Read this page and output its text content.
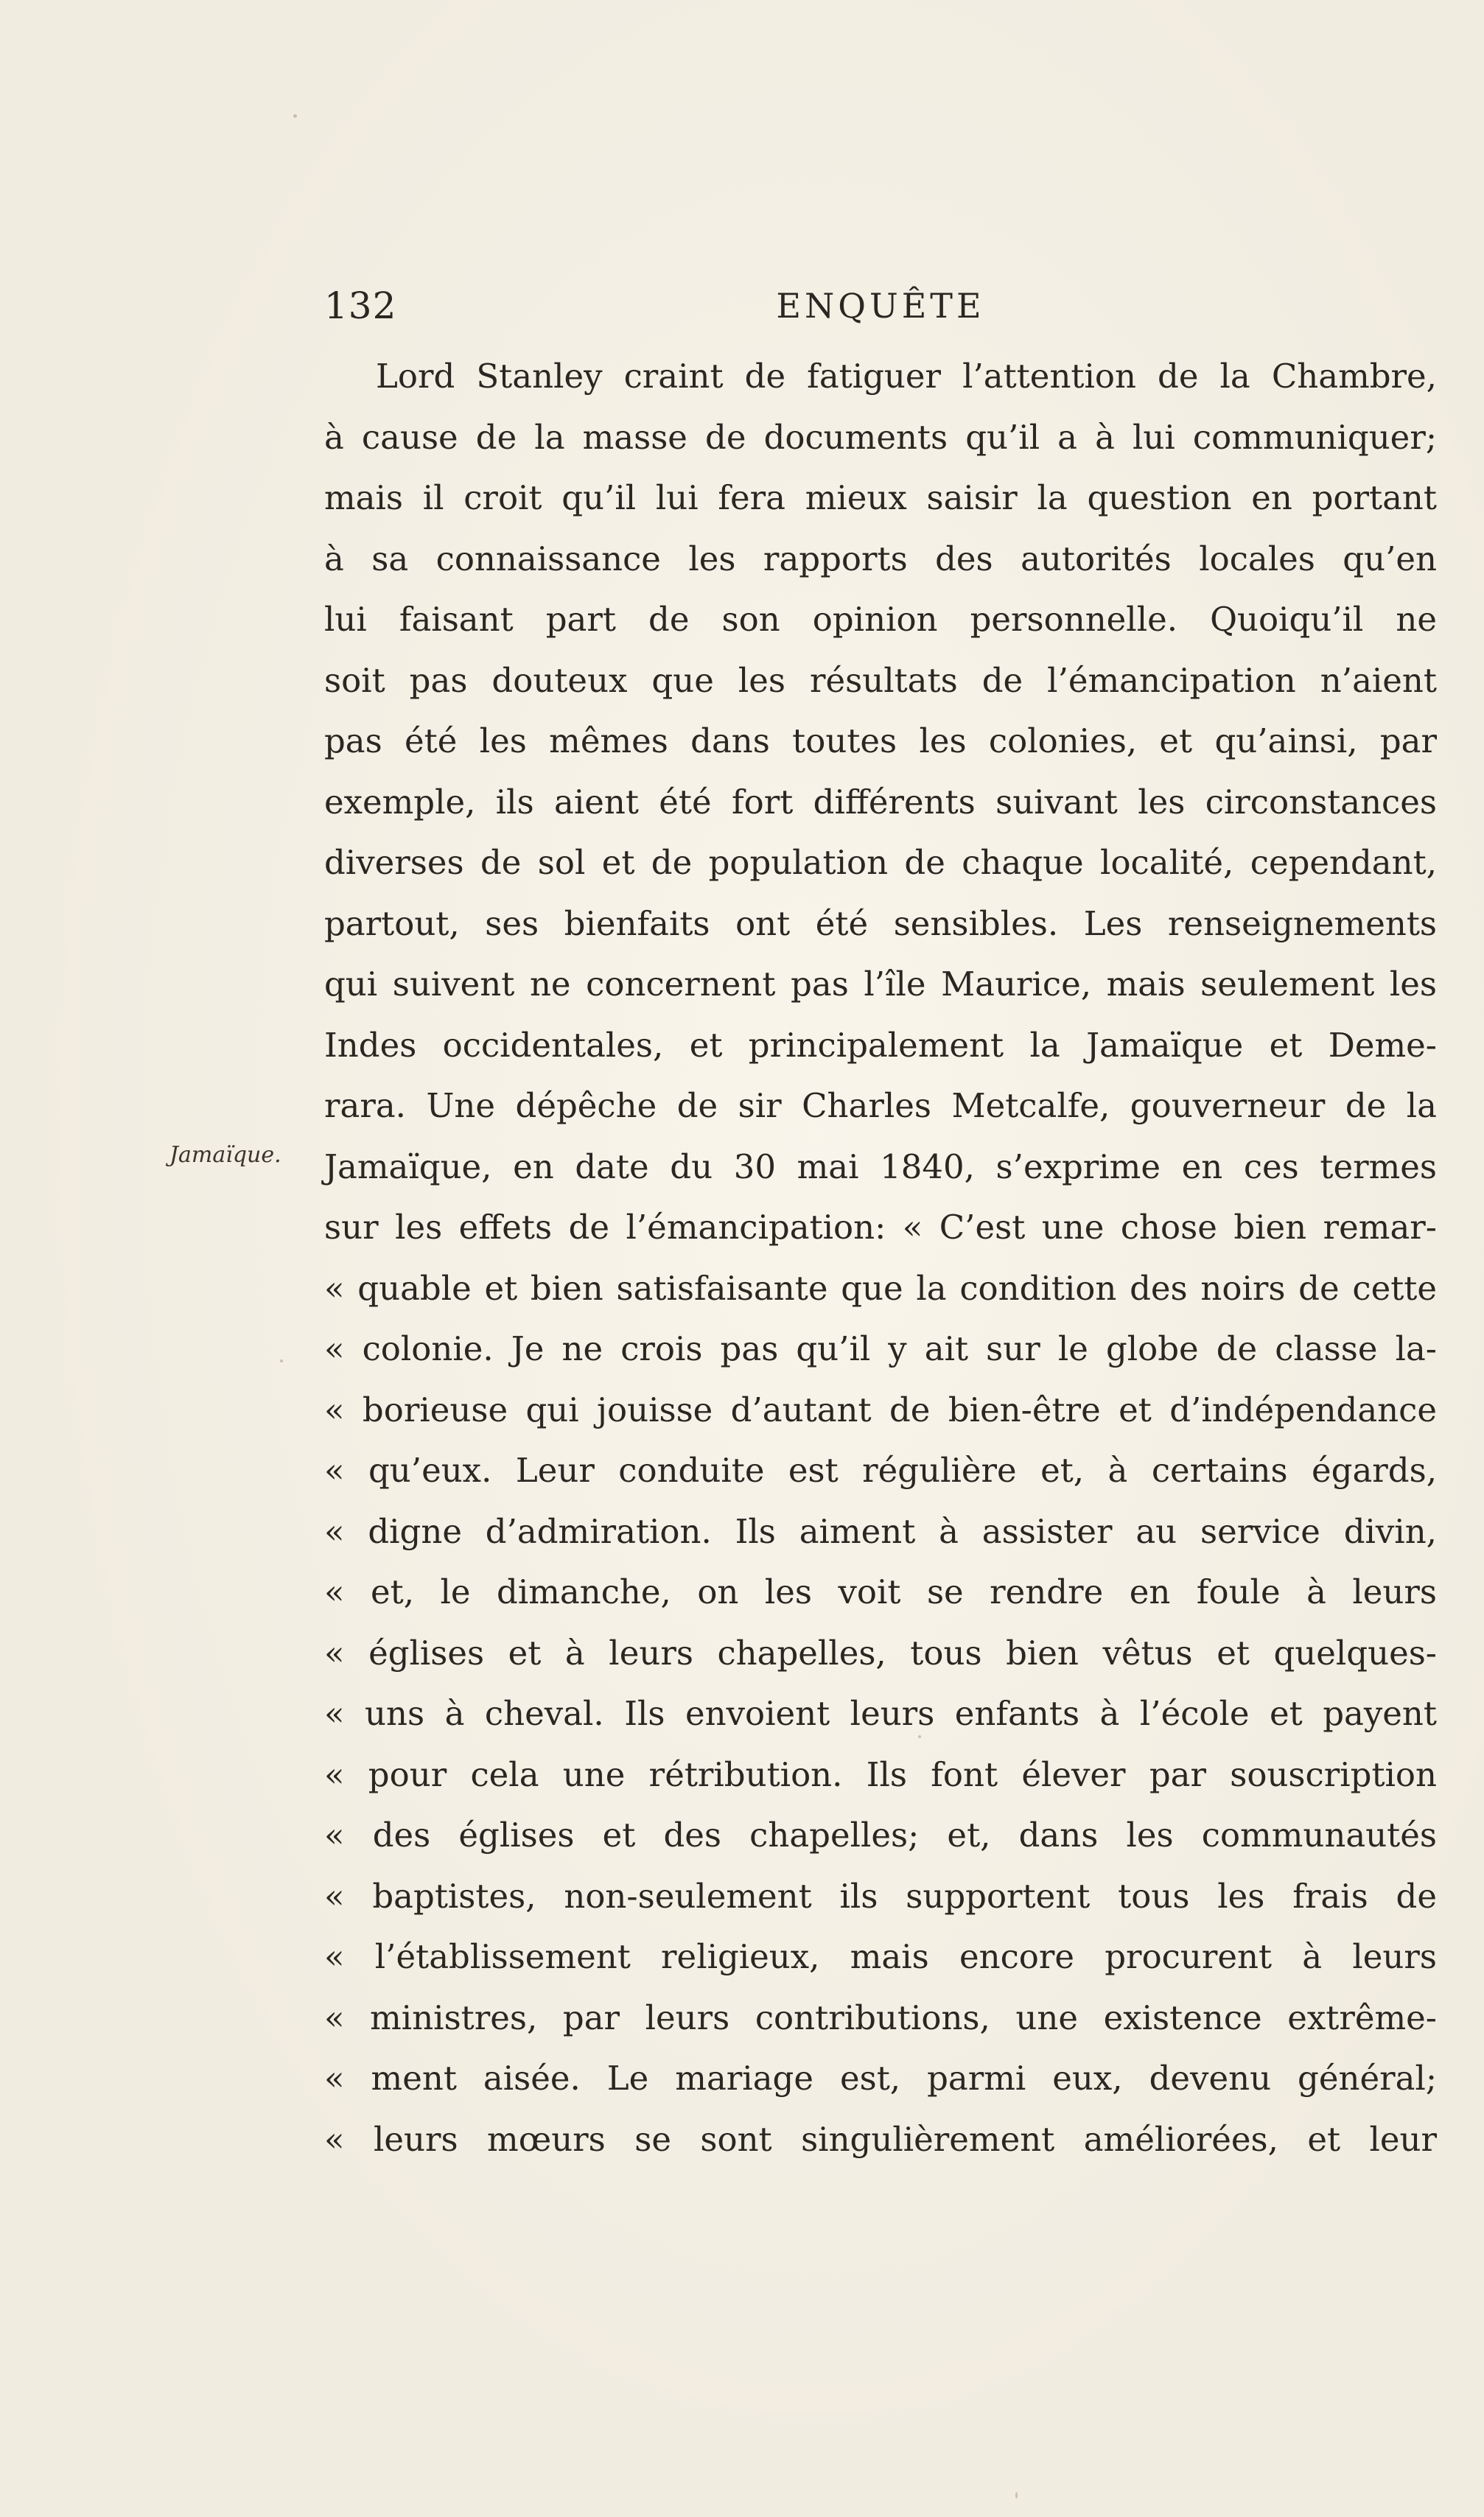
132	ENQUÊTE
Jamaïque.
Lord Stanley craint de fatiguer l’attention de la Chambre,
à cause de la masse de documents qu’il a à lui communiquer;
mais il croit qu’il lui fera mieux saisir la question en portant
à sa connaissance les rapports des autorités locales qu’en
lui faisant part de son opinion personnelle. Quoiqu’il ne
soit pas douteux que les résultats de l’émancipation n’aient
pas été les mêmes dans toutes les colonies, et qu’ainsi, par
exemple, ils aient été fort différents suivant les circonstances
diverses de sol et de population de chaque localité, cependant,
partout, ses bienfaits ont été sensibles. Les renseignements
qui suivent ne concernent pas l’île Maurice, mais seulement les
Indes occidentales, et principalement la Jamaïque et Deme-
rara. Une dépêche de sir Charles Metcalfe, gouverneur de la
Jamaïque, en date du 30 mai 1840, s’exprime en ces termes
sur les effets de l’émancipation: « C’est une chose bien remar-
« quable et bien satisfaisante que la condition des noirs de cette
« colonie. Je ne crois pas qu’il y ait sur le globe de classe la-
« borieuse qui jouisse d’autant de bien-être et d’indépendance
« qu’eux. Leur conduite est régulière et, à certains égards,
« digne d’admiration. Ils aiment à assister au service divin,
« et, le dimanche, on les voit se rendre en foule à leurs
« églises et à leurs chapelles, tous bien vêtus et quelques-
« uns à cheval. Ils envoient leurs enfants à l’école et payent
« pour cela une rétribution. Ils font élever par souscription
« des églises et des chapelles; et, dans les communautés
« baptistes, non-seulement ils supportent tous les frais de
« l’établissement religieux, mais encore procurent à leurs
« ministres, par leurs contributions, une existence extrême-
« ment aisée. Le mariage est, parmi eux, devenu général;
« leurs mœurs se sont singulièrement améliorées, et leur
